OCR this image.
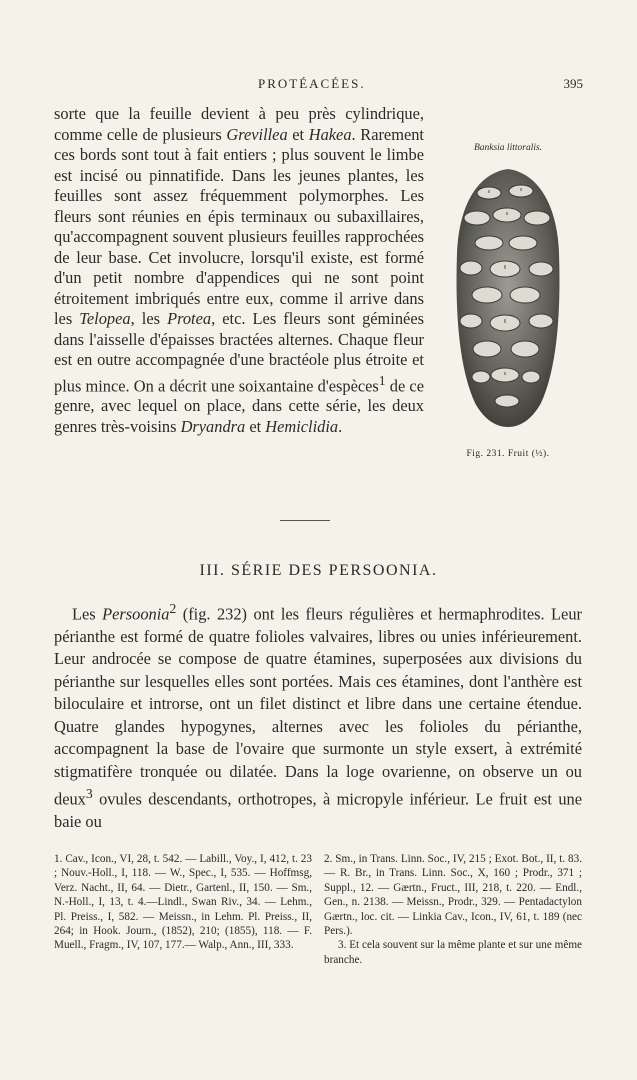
PROTÉACÉES.	395
Banksia littoralis.
Fig. 231. Fruit (½).

sorte que la feuille devient à peu près cylindrique, comme celle de plusieurs Grevillea et Hakea. Rarement ces bords sont tout à fait entiers ; plus souvent le limbe est incisé ou pinnatifide. Dans les jeunes plantes, les feuilles sont assez fréquemment polymorphes. Les fleurs sont réunies en épis terminaux ou subaxillaires, qu'accompagnent souvent plusieurs feuilles rapprochées de leur base. Cet involucre, lorsqu'il existe, est formé d'un petit nombre d'appendices qui ne sont point étroitement imbriqués entre eux, comme il arrive dans les Telopea, les Protea, etc. Les fleurs sont géminées dans l'aisselle d'épaisses bractées alternes. Chaque fleur est en outre accompagnée d'une bractéole plus étroite et plus mince. On a décrit une soixantaine d'espèces$^1$ de ce genre, avec lequel on place, dans cette série, les deux genres très-voisins Dryandra et Hemiclidia.

III. SÉRIE DES PERSOONIA.

Les Persoonia$^2$ (fig. 232) ont les fleurs régulières et hermaphrodites. Leur périanthe est formé de quatre folioles valvaires, libres ou unies inférieurement. Leur androcée se compose de quatre étamines, superposées aux divisions du périanthe sur lesquelles elles sont portées. Mais ces étamines, dont l'anthère est biloculaire et introrse, ont un filet distinct et libre dans une certaine étendue. Quatre glandes hypogynes, alternes avec les folioles du périanthe, accompagnent la base de l'ovaire que surmonte un style exsert, à extrémité stigmatifère tronquée ou dilatée. Dans la loge ovarienne, on observe un ou deux$^3$ ovules descendants, orthotropes, à micropyle inférieur. Le fruit est une baie ou

1. Cav., Icon., VI, 28, t. 542. — Labill., Voy., I, 412, t. 23 ; Nouv.-Holl., I, 118. — W., Spec., I, 535. — Hoffmsg, Verz. Nacht., II, 64. — Dietr., Gartenl., II, 150. — Sm., N.-Holl., I, 13, t. 4.—Lindl., Swan Riv., 34. — Lehm., Pl. Preiss., I, 582. — Meissn., in Lehm. Pl. Preiss., II, 264; in Hook. Journ., (1852), 210; (1855), 118. — F. Muell., Fragm., IV, 107, 177.— Walp., Ann., III, 333.

2. Sm., in Trans. Linn. Soc., IV, 215 ; Exot. Bot., II, t. 83. — R. Br., in Trans. Linn. Soc., X, 160 ; Prodr., 371 ; Suppl., 12. — Gærtn., Fruct., III, 218, t. 220. — Endl., Gen., n. 2138. — Meissn., Prodr., 329. — Pentadactylon Gærtn., loc. cit. — Linkia Cav., Icon., IV, 61, t. 189 (nec Pers.).

3. Et cela souvent sur la même plante et sur une même branche.
